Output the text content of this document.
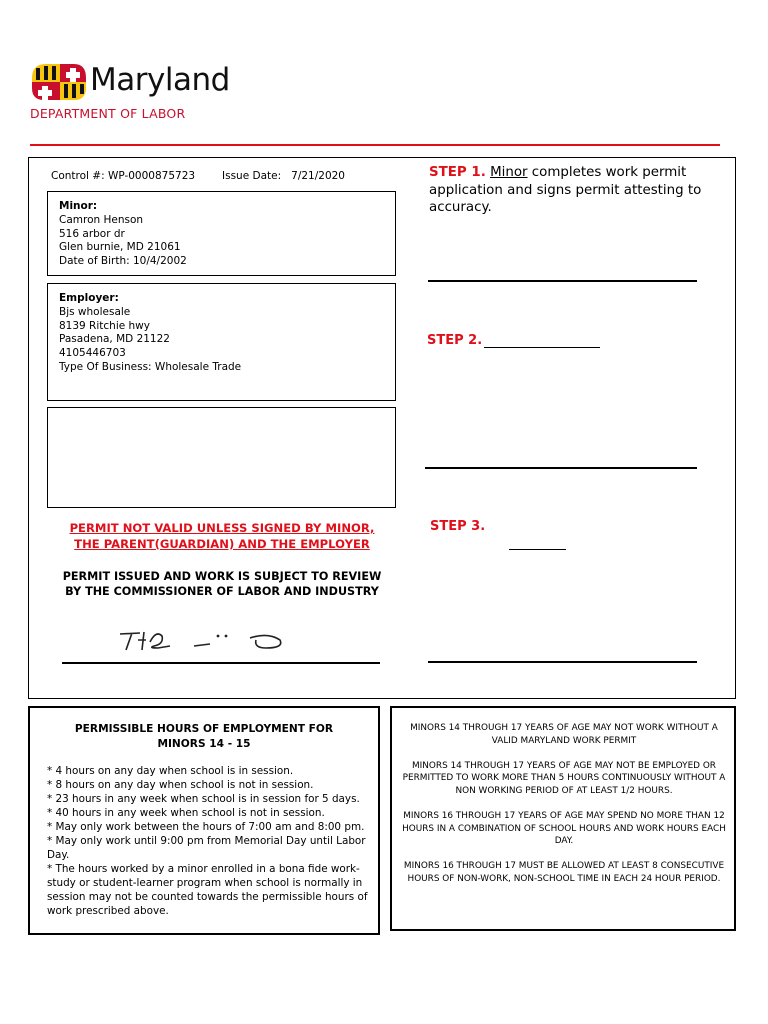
Maryland
DEPARTMENT OF LABOR
Control #: WP-0000875723	Issue Date: 7/21/2020
Minor:
Camron Henson
516 arbor dr
Glen burnie, MD 21061
Date of Birth: 10/4/2002
Employer:
Bjs wholesale
8139 Ritchie hwy
Pasadena, MD 21122
4105446703
Type Of Business: Wholesale Trade
PERMIT NOT VALID UNLESS SIGNED BY MINOR,
THE PARENT(GUARDIAN) AND THE EMPLOYER
PERMIT ISSUED AND WORK IS SUBJECT TO REVIEW
BY THE COMMISSIONER OF LABOR AND INDUSTRY
STEP 1. Minor completes work permit application and signs permit attesting to accuracy.
STEP 2.
STEP 3.
PERMISSIBLE HOURS OF EMPLOYMENT FOR
MINORS 14 - 15
* 4 hours on any day when school is in session.
* 8 hours on any day when school is not in session.
* 23 hours in any week when school is in session for 5 days.
* 40 hours in any week when school is not in session.
* May only work between the hours of 7:00 am and 8:00 pm.
* May only work until 9:00 pm from Memorial Day until Labor Day.
* The hours worked by a minor enrolled in a bona fide work-study or student-learner program when school is normally in session may not be counted towards the permissible hours of work prescribed above.

MINORS 14 THROUGH 17 YEARS OF AGE MAY NOT WORK WITHOUT A VALID MARYLAND WORK PERMIT

MINORS 14 THROUGH 17 YEARS OF AGE MAY NOT BE EMPLOYED OR PERMITTED TO WORK MORE THAN 5 HOURS CONTINUOUSLY WITHOUT A NON WORKING PERIOD OF AT LEAST 1/2 HOURS.

MINORS 16 THROUGH 17 YEARS OF AGE MAY SPEND NO MORE THAN 12 HOURS IN A COMBINATION OF SCHOOL HOURS AND WORK HOURS EACH DAY.

MINORS 16 THROUGH 17 MUST BE ALLOWED AT LEAST 8 CONSECUTIVE HOURS OF NON-WORK, NON-SCHOOL TIME IN EACH 24 HOUR PERIOD.
